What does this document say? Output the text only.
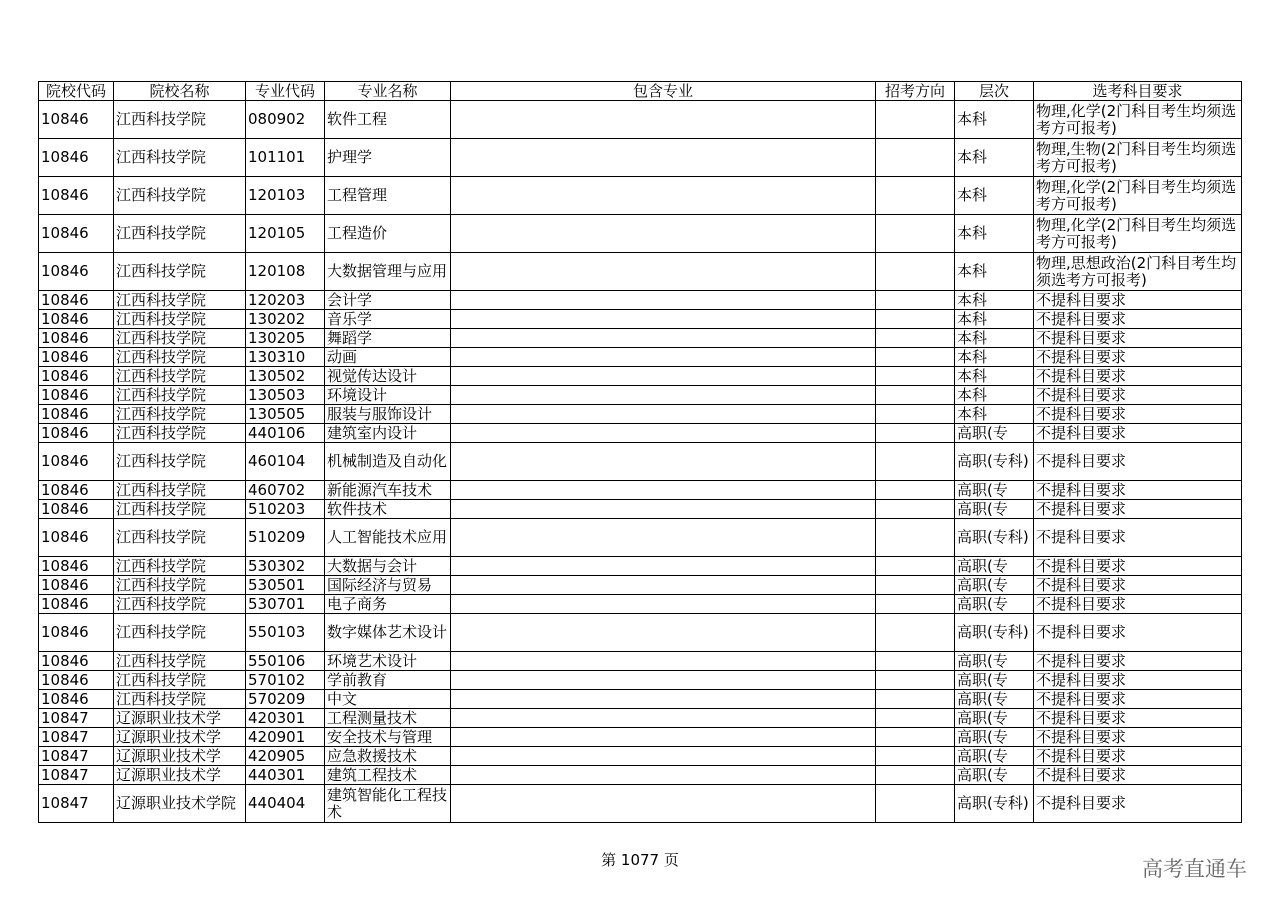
院校代码	院校名称	专业代码	专业名称	包含专业	招考方向	层次	选考科目要求
10846	江西科技学院	080902	软件工程			本科	物理,化学(2门科目考生均须选考方可报考)
10846	江西科技学院	101101	护理学			本科	物理,生物(2门科目考生均须选考方可报考)
10846	江西科技学院	120103	工程管理			本科	物理,化学(2门科目考生均须选考方可报考)
10846	江西科技学院	120105	工程造价			本科	物理,化学(2门科目考生均须选考方可报考)
10846	江西科技学院	120108	大数据管理与应用			本科	物理,思想政治(2门科目考生均须选考方可报考)
10846	江西科技学院	120203	会计学			本科	不提科目要求
10846	江西科技学院	130202	音乐学			本科	不提科目要求
10846	江西科技学院	130205	舞蹈学			本科	不提科目要求
10846	江西科技学院	130310	动画			本科	不提科目要求
10846	江西科技学院	130502	视觉传达设计			本科	不提科目要求
10846	江西科技学院	130503	环境设计			本科	不提科目要求
10846	江西科技学院	130505	服装与服饰设计			本科	不提科目要求
10846	江西科技学院	440106	建筑室内设计			高职(专	不提科目要求
10846	江西科技学院	460104	机械制造及自动化			高职(专科)	不提科目要求
10846	江西科技学院	460702	新能源汽车技术			高职(专	不提科目要求
10846	江西科技学院	510203	软件技术			高职(专	不提科目要求
10846	江西科技学院	510209	人工智能技术应用			高职(专科)	不提科目要求
10846	江西科技学院	530302	大数据与会计			高职(专	不提科目要求
10846	江西科技学院	530501	国际经济与贸易			高职(专	不提科目要求
10846	江西科技学院	530701	电子商务			高职(专	不提科目要求
10846	江西科技学院	550103	数字媒体艺术设计			高职(专科)	不提科目要求
10846	江西科技学院	550106	环境艺术设计			高职(专	不提科目要求
10846	江西科技学院	570102	学前教育			高职(专	不提科目要求
10846	江西科技学院	570209	中文			高职(专	不提科目要求
10847	辽源职业技术学	420301	工程测量技术			高职(专	不提科目要求
10847	辽源职业技术学	420901	安全技术与管理			高职(专	不提科目要求
10847	辽源职业技术学	420905	应急救援技术			高职(专	不提科目要求
10847	辽源职业技术学	440301	建筑工程技术			高职(专	不提科目要求
10847	辽源职业技术学院	440404	建筑智能化工程技术			高职(专科)	不提科目要求
第 1077 页	高考直通车
